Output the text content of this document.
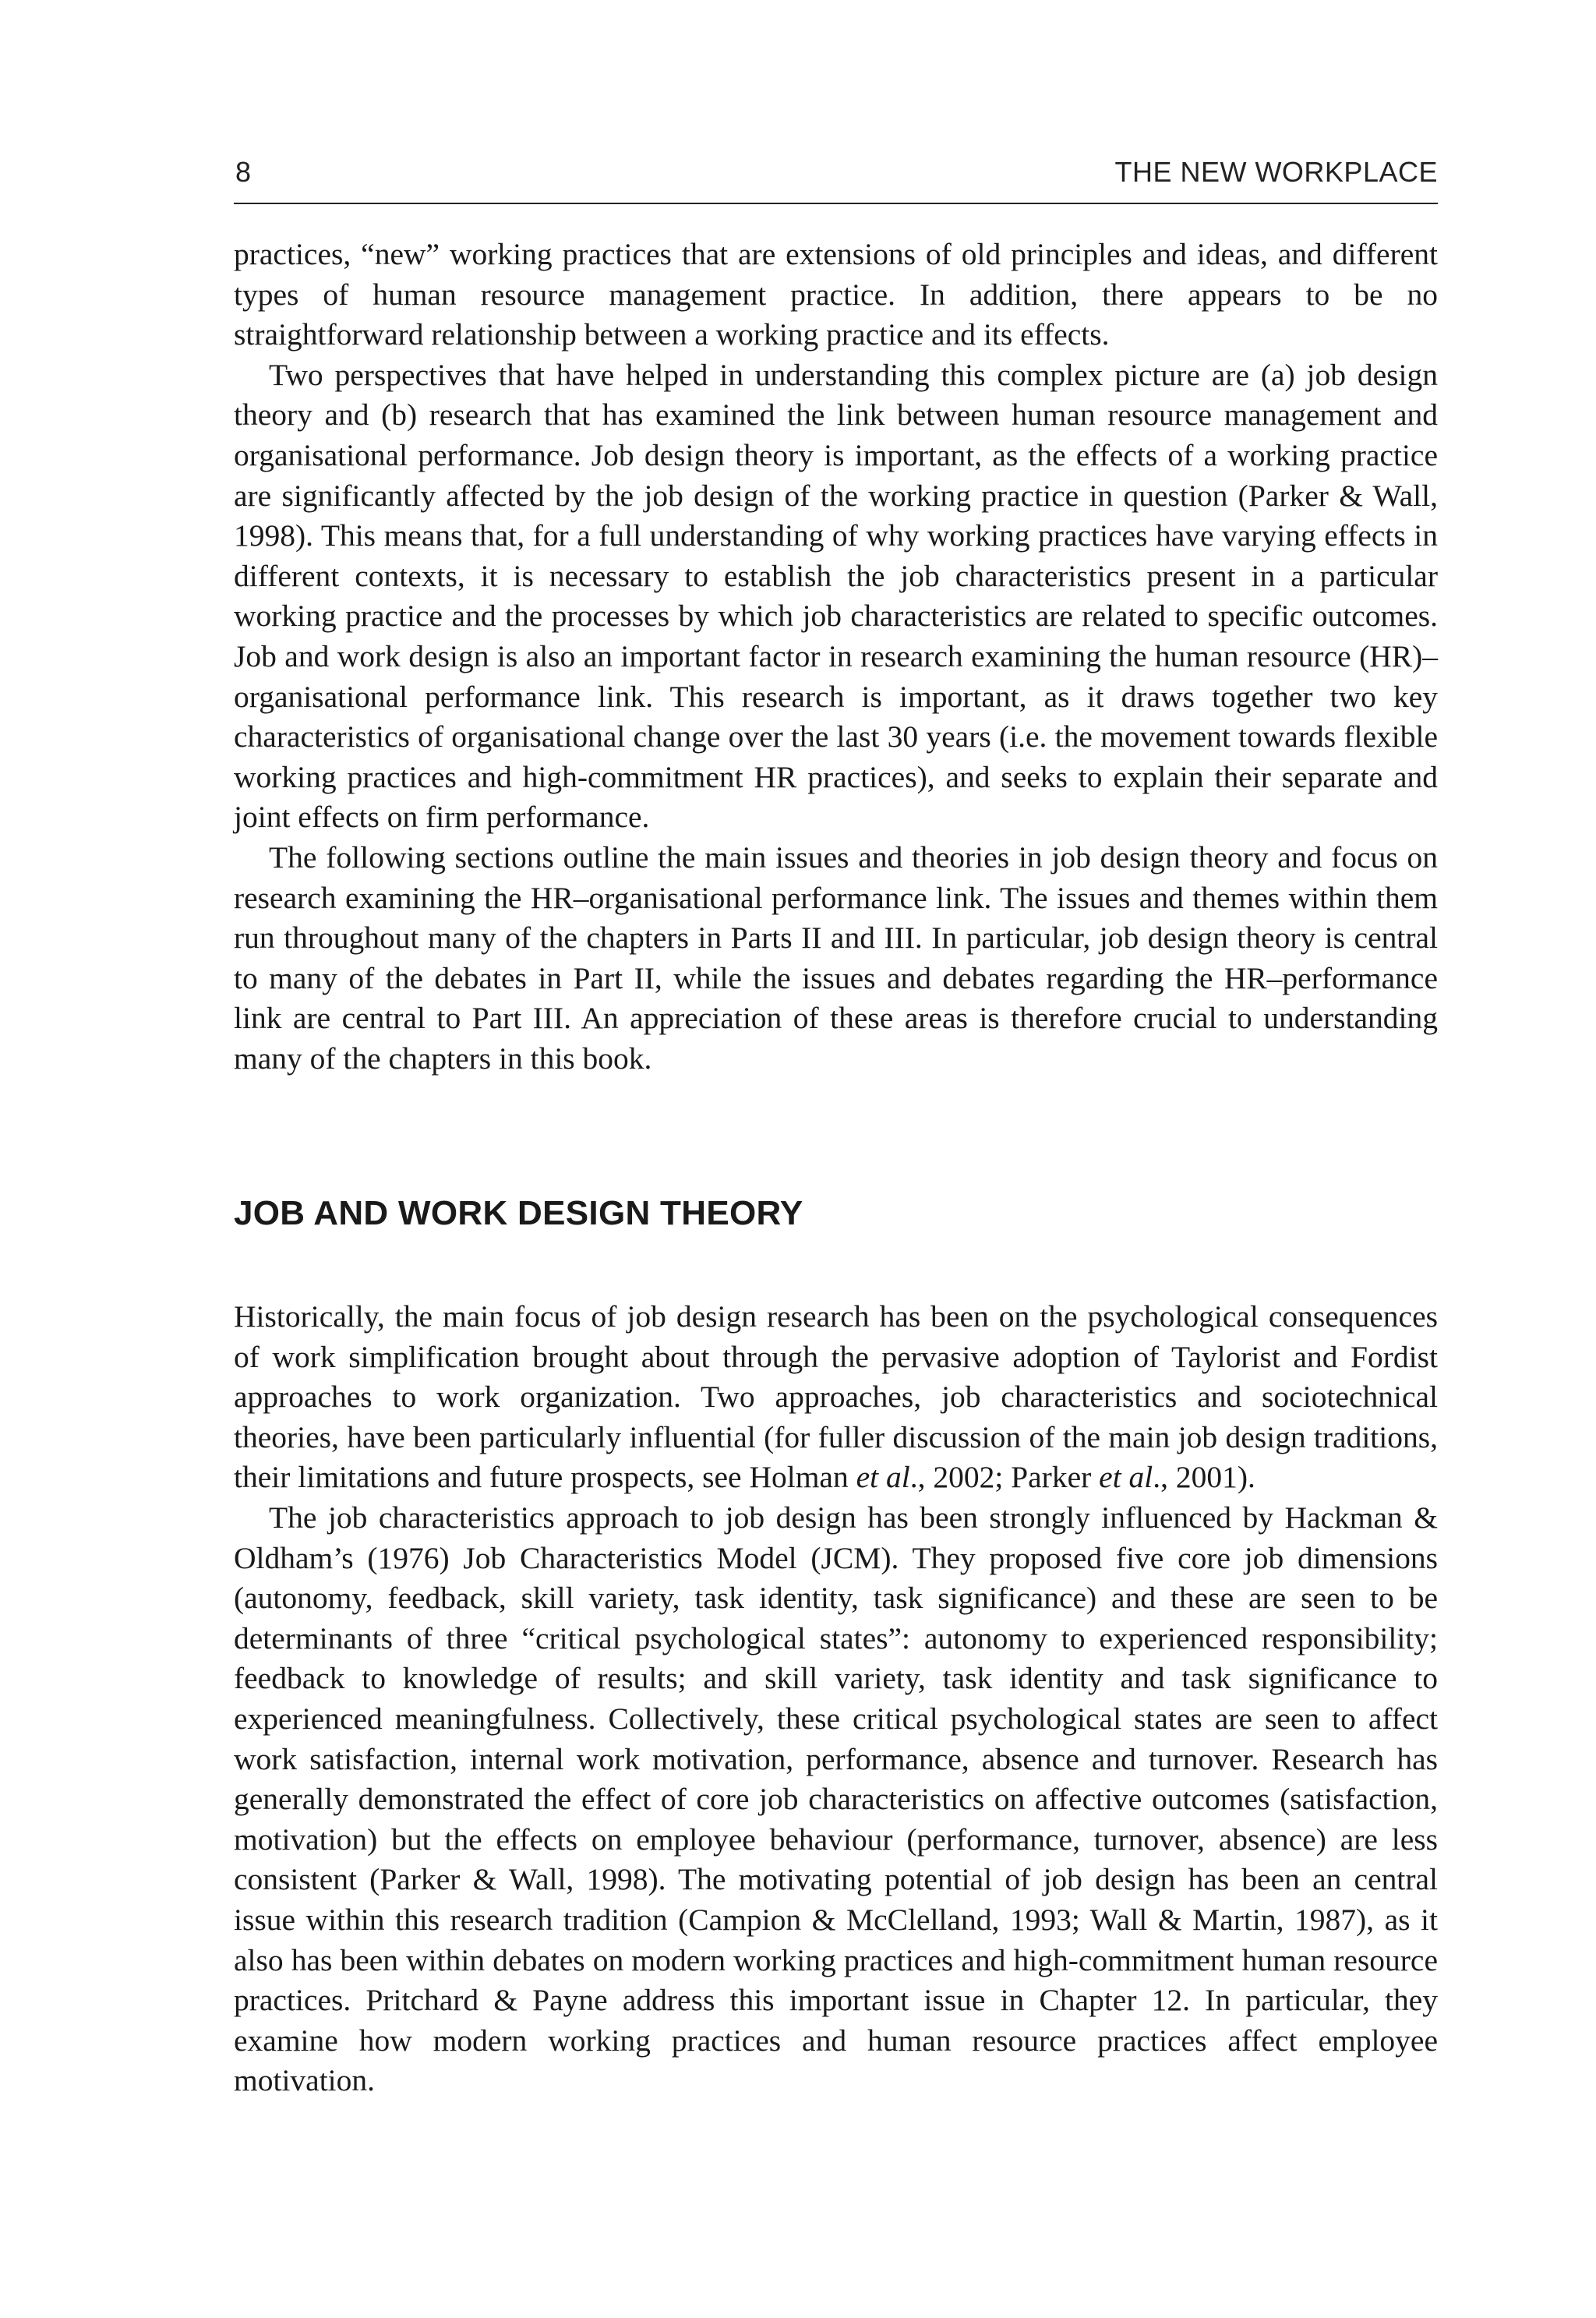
8	THE NEW WORKPLACE

practices, “new” working practices that are extensions of old principles and ideas, and different types of human resource management practice. In addition, there appears to be no straightforward relationship between a working practice and its effects.

Two perspectives that have helped in understanding this complex picture are (a) job design theory and (b) research that has examined the link between human resource management and organisational performance. Job design theory is important, as the effects of a working practice are significantly affected by the job design of the working practice in question (Parker & Wall, 1998). This means that, for a full understanding of why working practices have varying effects in different contexts, it is necessary to establish the job characteristics present in a particular working practice and the processes by which job characteristics are related to specific outcomes. Job and work design is also an important factor in research examining the human resource (HR)–organisational performance link. This research is important, as it draws together two key characteristics of organisational change over the last 30 years (i.e. the movement towards flexible working practices and high-commitment HR practices), and seeks to explain their separate and joint effects on firm performance.

The following sections outline the main issues and theories in job design theory and focus on research examining the HR–organisational performance link. The issues and themes within them run throughout many of the chapters in Parts II and III. In particular, job design theory is central to many of the debates in Part II, while the issues and debates regarding the HR–performance link are central to Part III. An appreciation of these areas is therefore crucial to understanding many of the chapters in this book.

JOB AND WORK DESIGN THEORY

Historically, the main focus of job design research has been on the psychological consequences of work simplification brought about through the pervasive adoption of Taylorist and Fordist approaches to work organization. Two approaches, job characteristics and sociotechnical theories, have been particularly influential (for fuller discussion of the main job design traditions, their limitations and future prospects, see Holman et al., 2002; Parker et al., 2001).

The job characteristics approach to job design has been strongly influenced by Hackman & Oldham’s (1976) Job Characteristics Model (JCM). They proposed five core job dimensions (autonomy, feedback, skill variety, task identity, task significance) and these are seen to be determinants of three “critical psychological states”: autonomy to experienced responsibility; feedback to knowledge of results; and skill variety, task identity and task significance to experienced meaningfulness. Collectively, these critical psychological states are seen to affect work satisfaction, internal work motivation, performance, absence and turnover. Research has generally demonstrated the effect of core job characteristics on affective outcomes (satisfaction, motivation) but the effects on employee behaviour (performance, turnover, absence) are less consistent (Parker & Wall, 1998). The motivating potential of job design has been an central issue within this research tradition (Campion & McClelland, 1993; Wall & Martin, 1987), as it also has been within debates on modern working practices and high-commitment human resource practices. Pritchard & Payne address this important issue in Chapter 12. In particular, they examine how modern working practices and human resource practices affect employee motivation.
